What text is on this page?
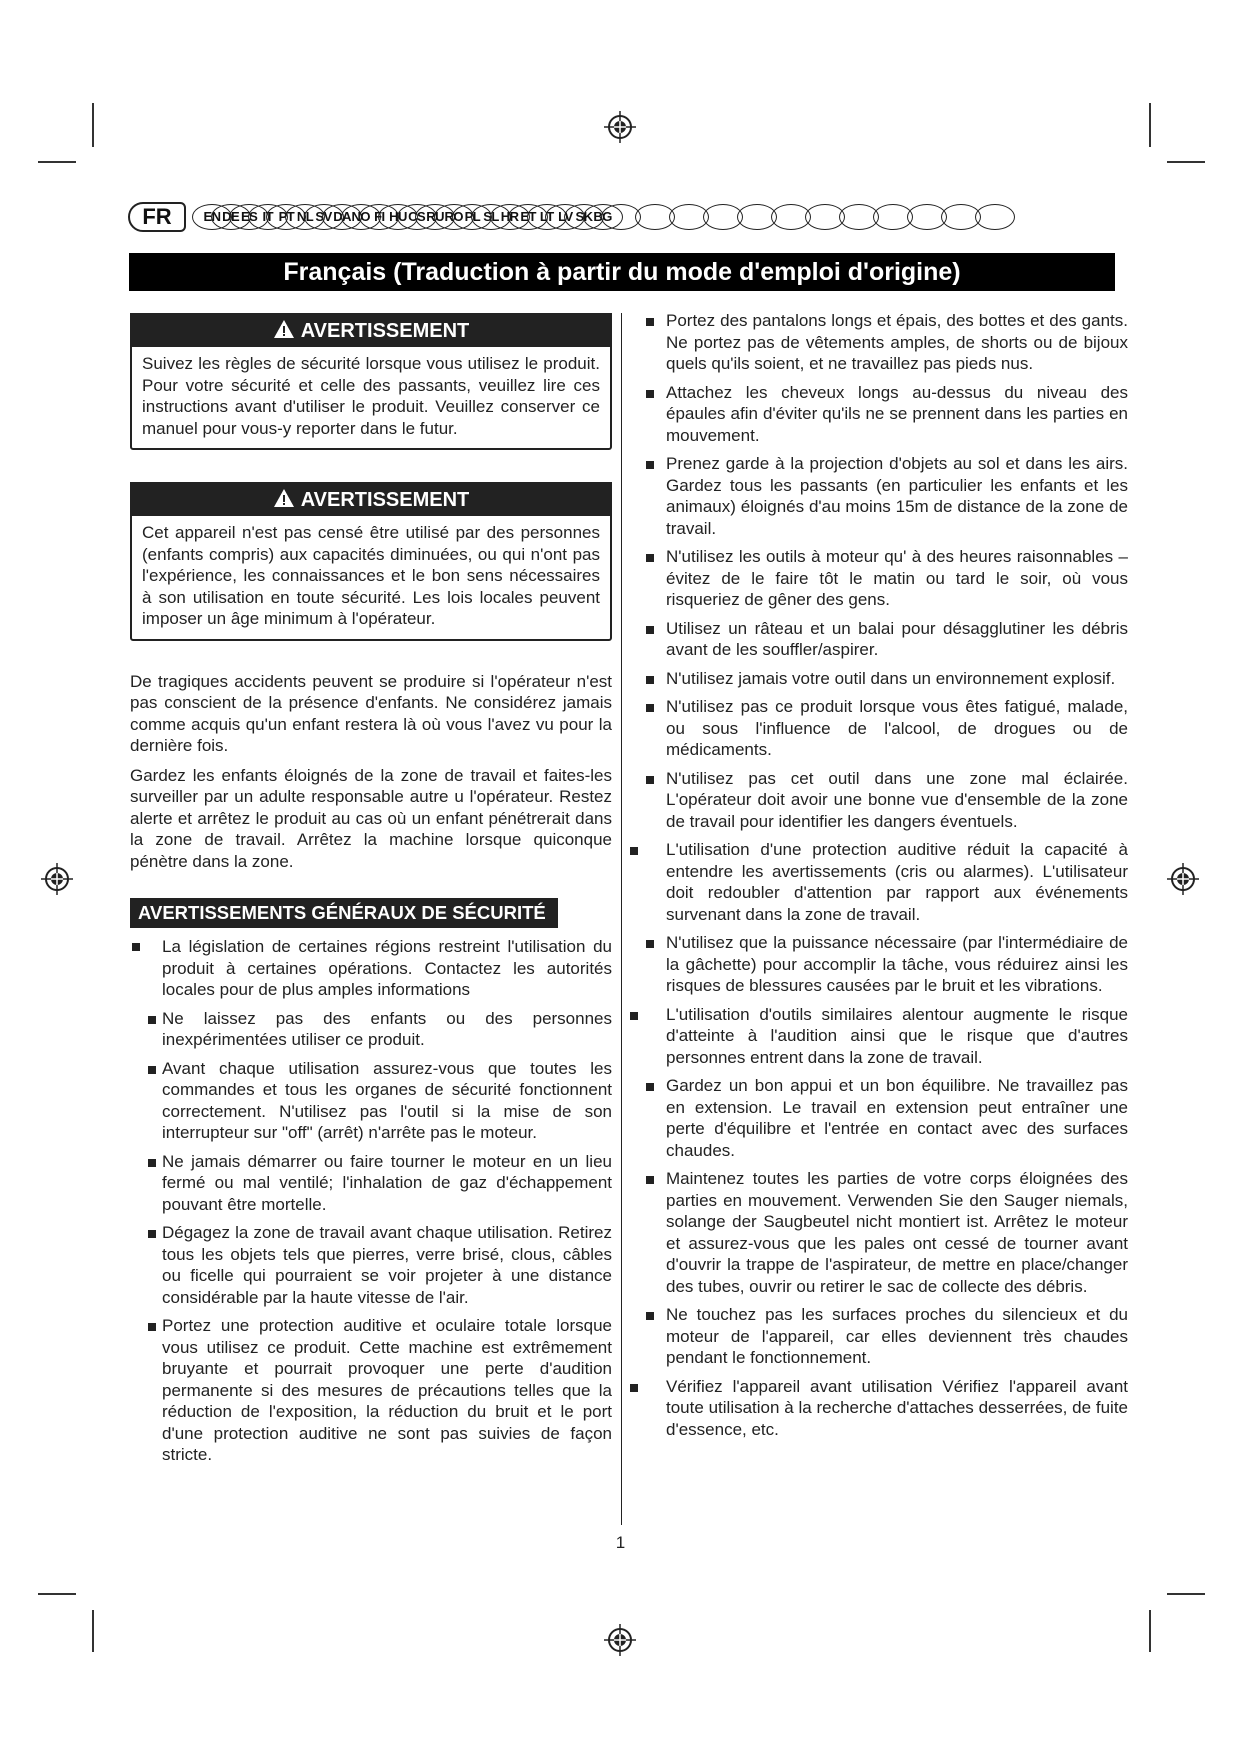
FR	EN DE ES IT PT NL SV DA NO FI HU CS RU RO PL SL HR ET LT LV SK BG
Français (Traduction à partir du mode d'emploi d'origine)
AVERTISSEMENT
Suivez les règles de sécurité lorsque vous utilisez le produit. Pour votre sécurité et celle des passants, veuillez lire ces instructions avant d'utiliser le produit. Veuillez conserver ce manuel pour vous-y reporter dans le futur.
AVERTISSEMENT
Cet appareil n'est pas censé être utilisé par des personnes (enfants compris) aux capacités diminuées, ou qui n'ont pas l'expérience, les connaissances et le bon sens nécessaires à son utilisation en toute sécurité. Les lois locales peuvent imposer un âge minimum à l'opérateur.

De tragiques accidents peuvent se produire si l'opérateur n'est pas conscient de la présence d'enfants. Ne considérez jamais comme acquis qu'un enfant restera là où vous l'avez vu pour la dernière fois.

Gardez les enfants éloignés de la zone de travail et faites-les surveiller par un adulte responsable autre u l'opérateur. Restez alerte et arrêtez le produit au cas où un enfant pénétrerait dans la zone de travail. Arrêtez la machine lorsque quiconque pénètre dans la zone.

AVERTISSEMENTS GÉNÉRAUX DE SÉCURITÉ
La législation de certaines régions restreint l'utilisation du produit à certaines opérations. Contactez les autorités locales pour de plus amples informations
Ne laissez pas des enfants ou des personnes inexpérimentées utiliser ce produit.
Avant chaque utilisation assurez-vous que toutes les commandes et tous les organes de sécurité fonctionnent correctement. N'utilisez pas l'outil si la mise de son interrupteur sur "off" (arrêt) n'arrête pas le moteur.
Ne jamais démarrer ou faire tourner le moteur en un lieu fermé ou mal ventilé; l'inhalation de gaz d'échappement pouvant être mortelle.
Dégagez la zone de travail avant chaque utilisation. Retirez tous les objets tels que pierres, verre brisé, clous, câbles ou ficelle qui pourraient se voir projeter à une distance considérable par la haute vitesse de l'air.
Portez une protection auditive et oculaire totale lorsque vous utilisez ce produit. Cette machine est extrêmement bruyante et pourrait provoquer une perte d'audition permanente si des mesures de précautions telles que la réduction de l'exposition, la réduction du bruit et le port d'une protection auditive ne sont pas suivies de façon stricte.
Portez des pantalons longs et épais, des bottes et des gants. Ne portez pas de vêtements amples, de shorts ou de bijoux quels qu'ils soient, et ne travaillez pas pieds nus.
Attachez les cheveux longs au-dessus du niveau des épaules afin d'éviter qu'ils ne se prennent dans les parties en mouvement.
Prenez garde à la projection d'objets au sol et dans les airs. Gardez tous les passants (en particulier les enfants et les animaux) éloignés d'au moins 15m de distance de la zone de travail.
N'utilisez les outils à moteur qu' à des heures raisonnables – évitez de le faire tôt le matin ou tard le soir, où vous risqueriez de gêner des gens.
Utilisez un râteau et un balai pour désagglutiner les débris avant de les souffler/aspirer.
N'utilisez jamais votre outil dans un environnement explosif.
N'utilisez pas ce produit lorsque vous êtes fatigué, malade, ou sous l'influence de l'alcool, de drogues ou de médicaments.
N'utilisez pas cet outil dans une zone mal éclairée. L'opérateur doit avoir une bonne vue d'ensemble de la zone de travail pour identifier les dangers éventuels.
L'utilisation d'une protection auditive réduit la capacité à entendre les avertissements (cris ou alarmes). L'utilisateur doit redoubler d'attention par rapport aux événements survenant dans la zone de travail.
N'utilisez que la puissance nécessaire (par l'intermédiaire de la gâchette) pour accomplir la tâche, vous réduirez ainsi les risques de blessures causées par le bruit et les vibrations.
L'utilisation d'outils similaires alentour augmente le risque d'atteinte à l'audition ainsi que le risque que d'autres personnes entrent dans la zone de travail.
Gardez un bon appui et un bon équilibre. Ne travaillez pas en extension. Le travail en extension peut entraîner une perte d'équilibre et l'entrée en contact avec des surfaces chaudes.
Maintenez toutes les parties de votre corps éloignées des parties en mouvement. Verwenden Sie den Sauger niemals, solange der Saugbeutel nicht montiert ist. Arrêtez le moteur et assurez-vous que les pales ont cessé de tourner avant d'ouvrir la trappe de l'aspirateur, de mettre en place/changer des tubes, ouvrir ou retirer le sac de collecte des débris.
Ne touchez pas les surfaces proches du silencieux et du moteur de l'appareil, car elles deviennent très chaudes pendant le fonctionnement.
Vérifiez l'appareil avant utilisation Vérifiez l'appareil avant toute utilisation à la recherche d'attaches desserrées, de fuite d'essence, etc.
1
